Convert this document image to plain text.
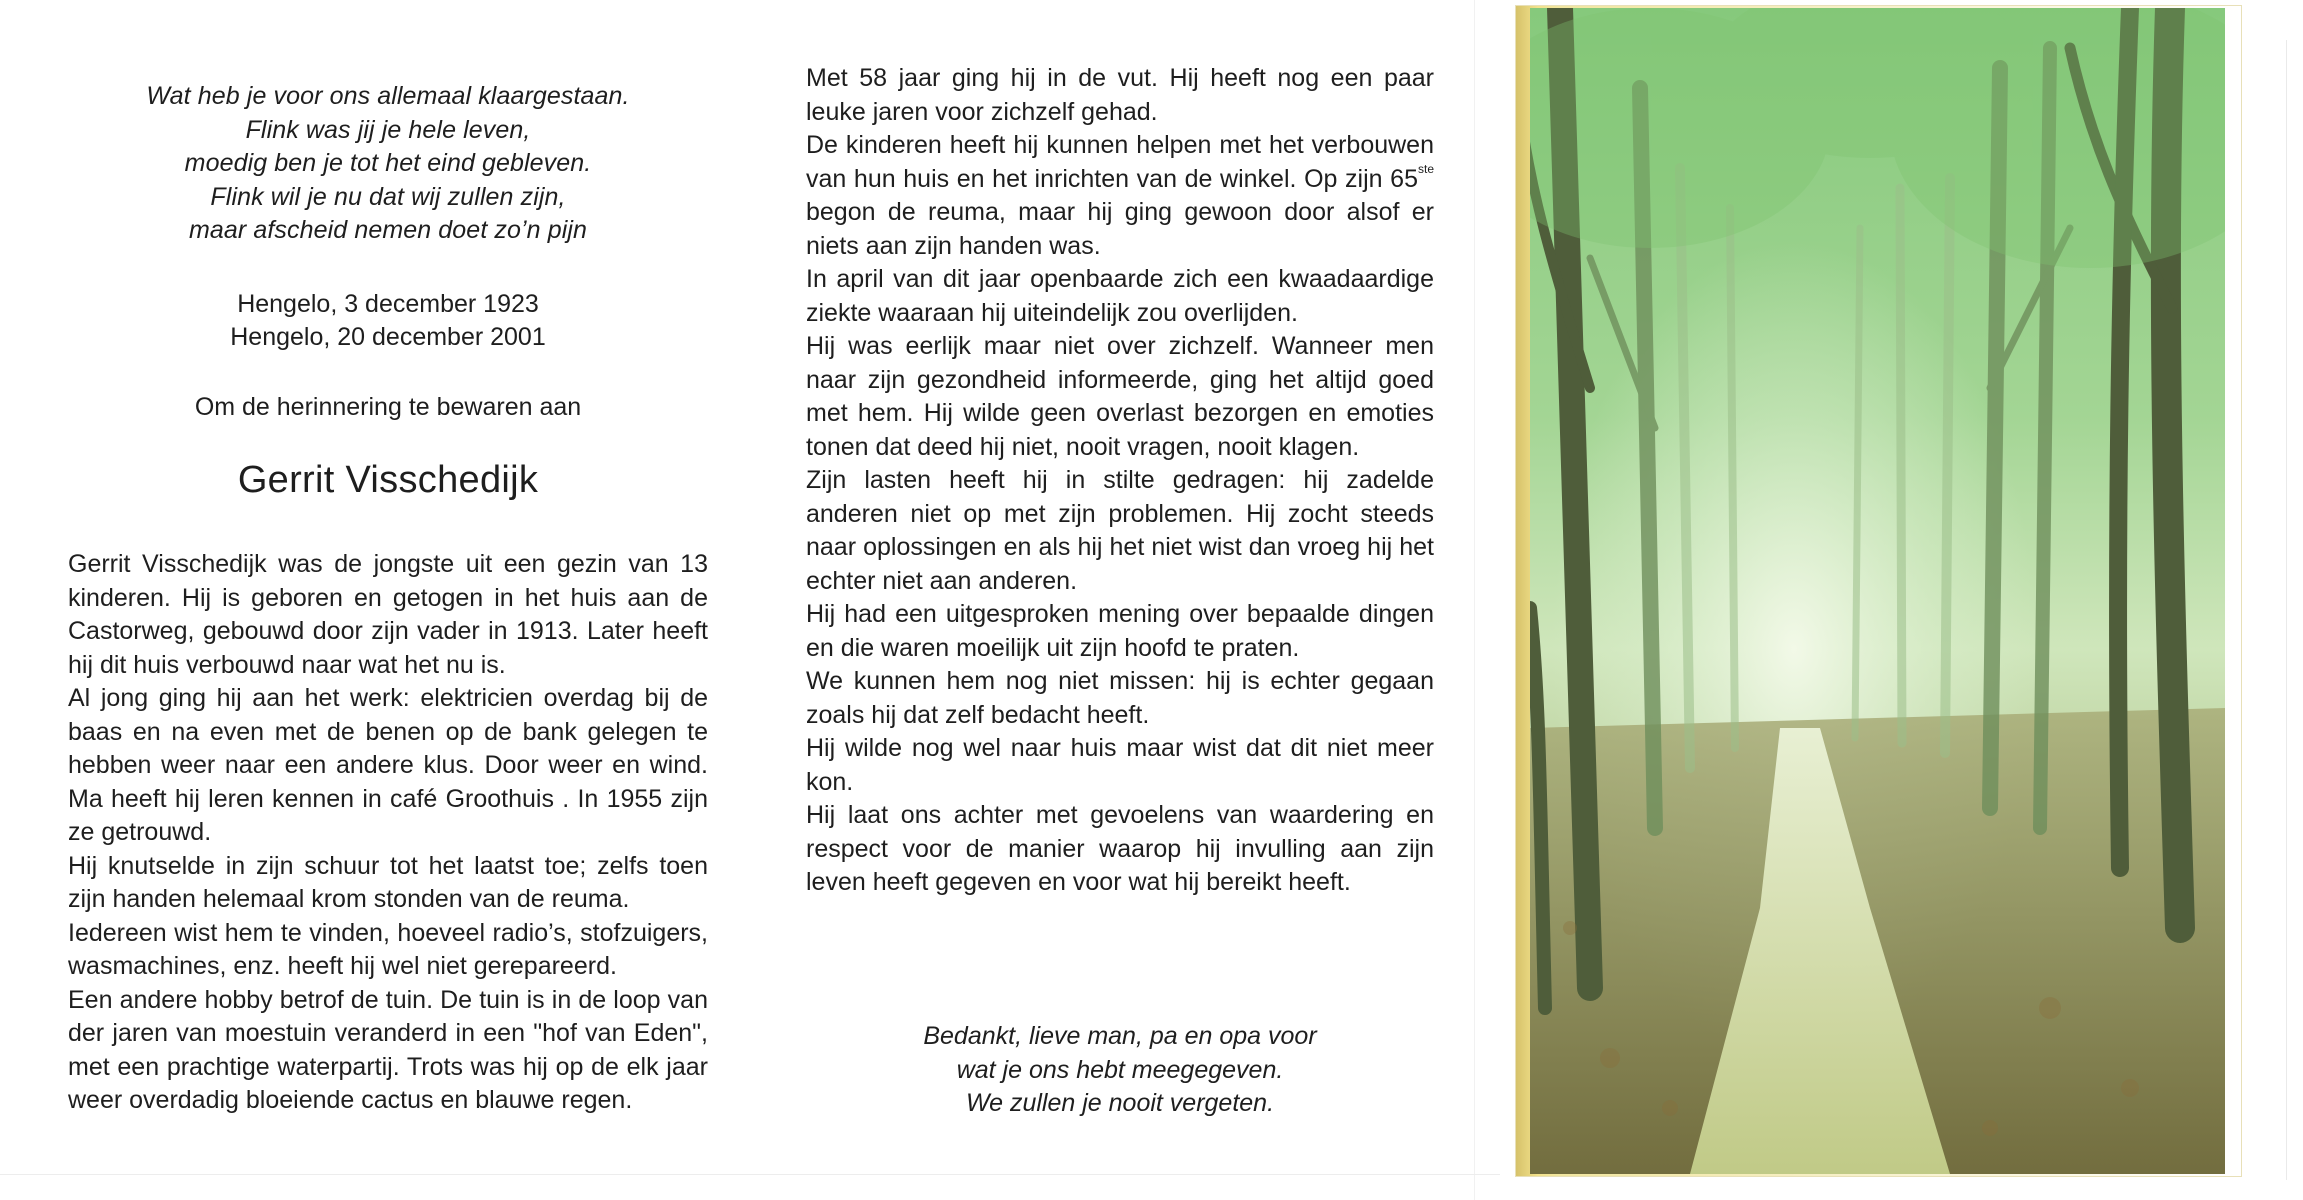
Wat heb je voor ons allemaal klaargestaan.
Flink was jij je hele leven,
moedig ben je tot het eind gebleven.
Flink wil je nu dat wij zullen zijn,
maar afscheid nemen doet zo’n pijn
Hengelo, 3 december 1923
Hengelo, 20 december 2001
Om de herinnering te bewaren aan
Gerrit Visschedijk

Gerrit Visschedijk was de jongste uit een gezin van 13 kinderen. Hij is geboren en getogen in het huis aan de Castorweg, gebouwd door zijn vader in 1913. Later heeft hij dit huis verbouwd naar wat het nu is.

Al jong ging hij aan het werk: elektricien overdag bij de baas en na even met de benen op de bank gelegen te hebben weer naar een andere klus. Door weer en wind. Ma heeft hij leren kennen in café Groothuis . In 1955 zijn ze getrouwd.

Hij knutselde in zijn schuur tot het laatst toe; zelfs toen zijn handen helemaal krom stonden van de reuma.

Iedereen wist hem te vinden, hoeveel radio’s, stofzuigers, wasmachines, enz. heeft hij wel niet gerepareerd.

Een andere hobby betrof de tuin. De tuin is in de loop van der jaren van moestuin veranderd in een "hof van Eden", met een prachtige waterpartij. Trots was hij op de elk jaar weer overdadig bloeiende cactus en blauwe regen.

Met 58 jaar ging hij in de vut. Hij heeft nog een paar leuke jaren voor zichzelf gehad.

De kinderen heeft hij kunnen helpen met het verbouwen van hun huis en het inrichten van de winkel. Op zijn 65ste begon de reuma, maar hij ging gewoon door alsof er niets aan zijn handen was.

In april van dit jaar openbaarde zich een kwaadaardige ziekte waaraan hij uiteindelijk zou overlijden.

Hij was eerlijk maar niet over zichzelf. Wanneer men naar zijn gezondheid informeerde, ging het altijd goed met hem. Hij wilde geen overlast bezorgen en emoties tonen dat deed hij niet, nooit vragen, nooit klagen.

Zijn lasten heeft hij in stilte gedragen: hij zadelde anderen niet op met zijn problemen. Hij zocht steeds naar oplossingen en als hij het niet wist dan vroeg hij het echter niet aan anderen.

Hij had een uitgesproken mening over bepaalde dingen en die waren moeilijk uit zijn hoofd te praten.

We kunnen hem nog niet missen: hij is echter gegaan zoals hij dat zelf bedacht heeft.

Hij wilde nog wel naar huis maar wist dat dit niet meer kon.

Hij laat ons achter met gevoelens van waardering en respect voor de manier waarop hij invulling aan zijn leven heeft gegeven en voor wat hij bereikt heeft.

Bedankt, lieve man, pa en opa voor
wat je ons hebt meegegeven.
We zullen je nooit vergeten.
